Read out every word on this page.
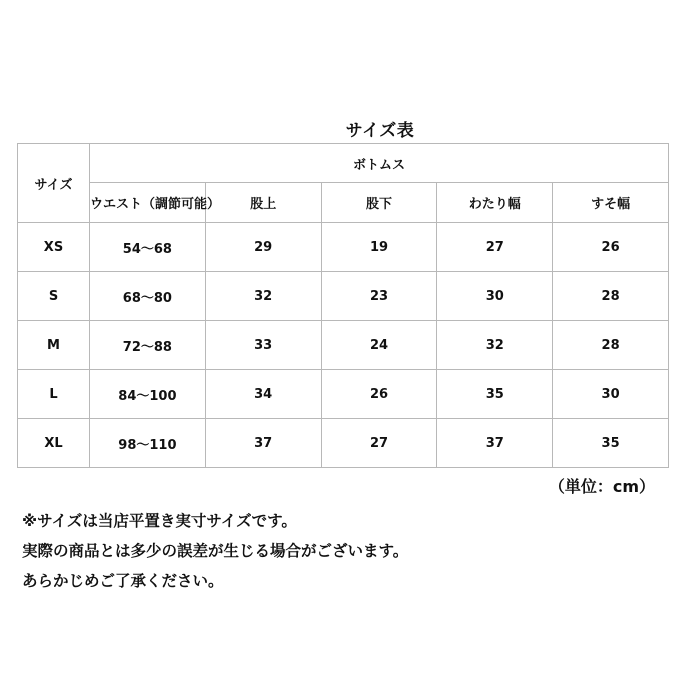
サイズ表
サイズ	ボトムス				
	ウエスト（調節可能）	股上	股下	わたり幅	すそ幅
XS	54～68	29	19	27	26
S	68～80	32	23	30	28
M	72～88	33	24	32	28
L	84～100	34	26	35	30
XL	98～110	37	27	37	35
（単位：cm）
※サイズは当店平置き実寸サイズです。
実際の商品とは多少の誤差が生じる場合がございます。
あらかじめご了承ください。
